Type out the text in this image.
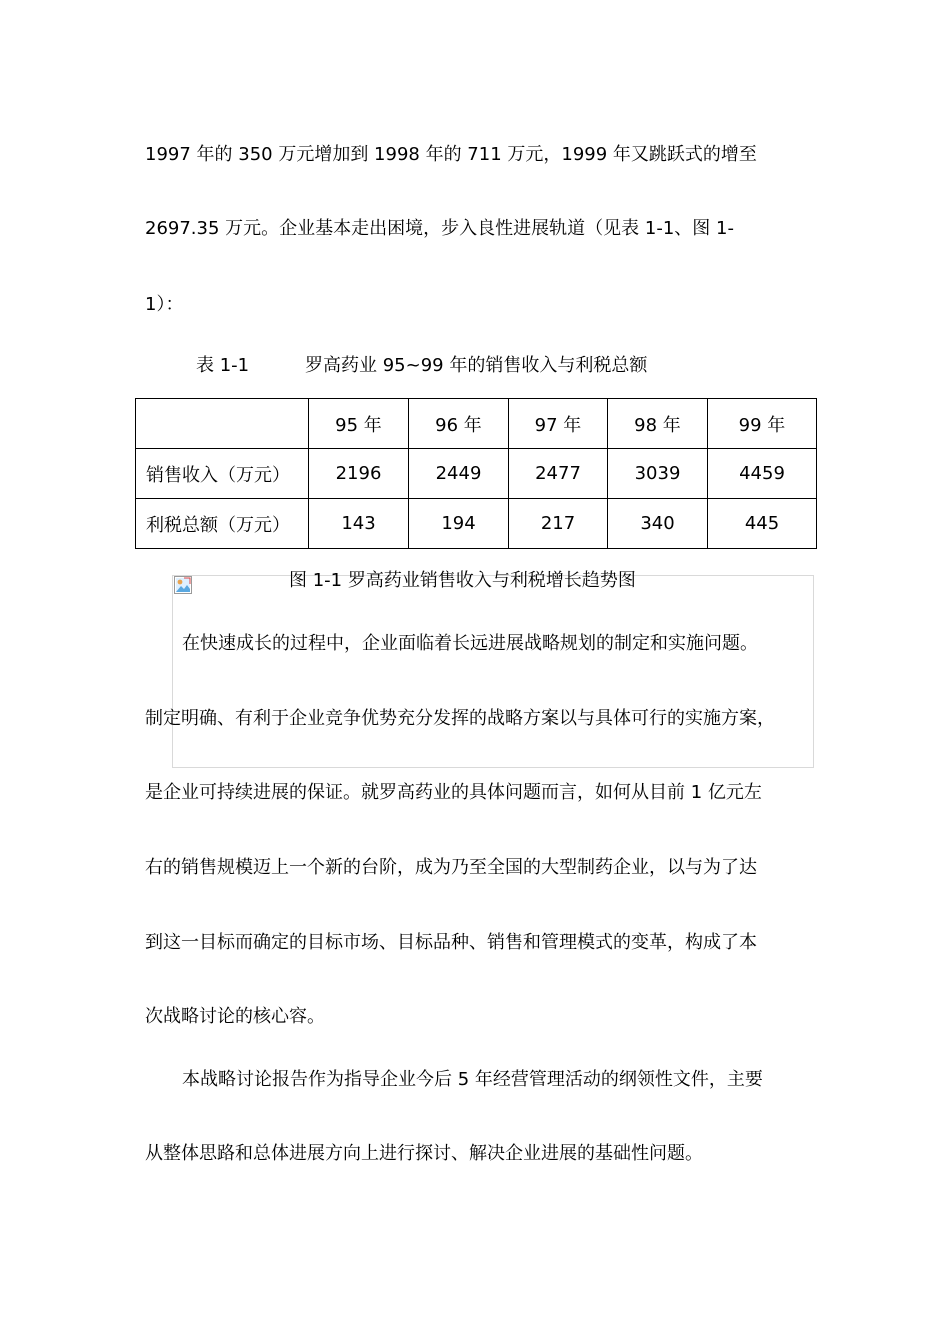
1997 年的 350 万元增加到 1998 年的 711 万元，1999 年又跳跃式的增至
2697.35 万元。企业基本走出困境，步入良性进展轨道（见表 1-1、图 1-
1）：
表 1-1	罗高药业 95~99 年的销售收入与利税总额
	95 年	96 年	97 年	98 年	99 年
销售收入（万元）	2196	2449	2477	3039	4459
利税总额（万元）	143	194	217	340	445
图 1-1 罗高药业销售收入与利税增长趋势图
在快速成长的过程中，企业面临着长远进展战略规划的制定和实施问题。
制定明确、有利于企业竞争优势充分发挥的战略方案以与具体可行的实施方案，
是企业可持续进展的保证。就罗高药业的具体问题而言，如何从目前 1 亿元左
右的销售规模迈上一个新的台阶，成为乃至全国的大型制药企业，以与为了达
到这一目标而确定的目标市场、目标品种、销售和管理模式的变革，构成了本
次战略讨论的核心容。
本战略讨论报告作为指导企业今后 5 年经营管理活动的纲领性文件，主要
从整体思路和总体进展方向上进行探讨、解决企业进展的基础性问题。
